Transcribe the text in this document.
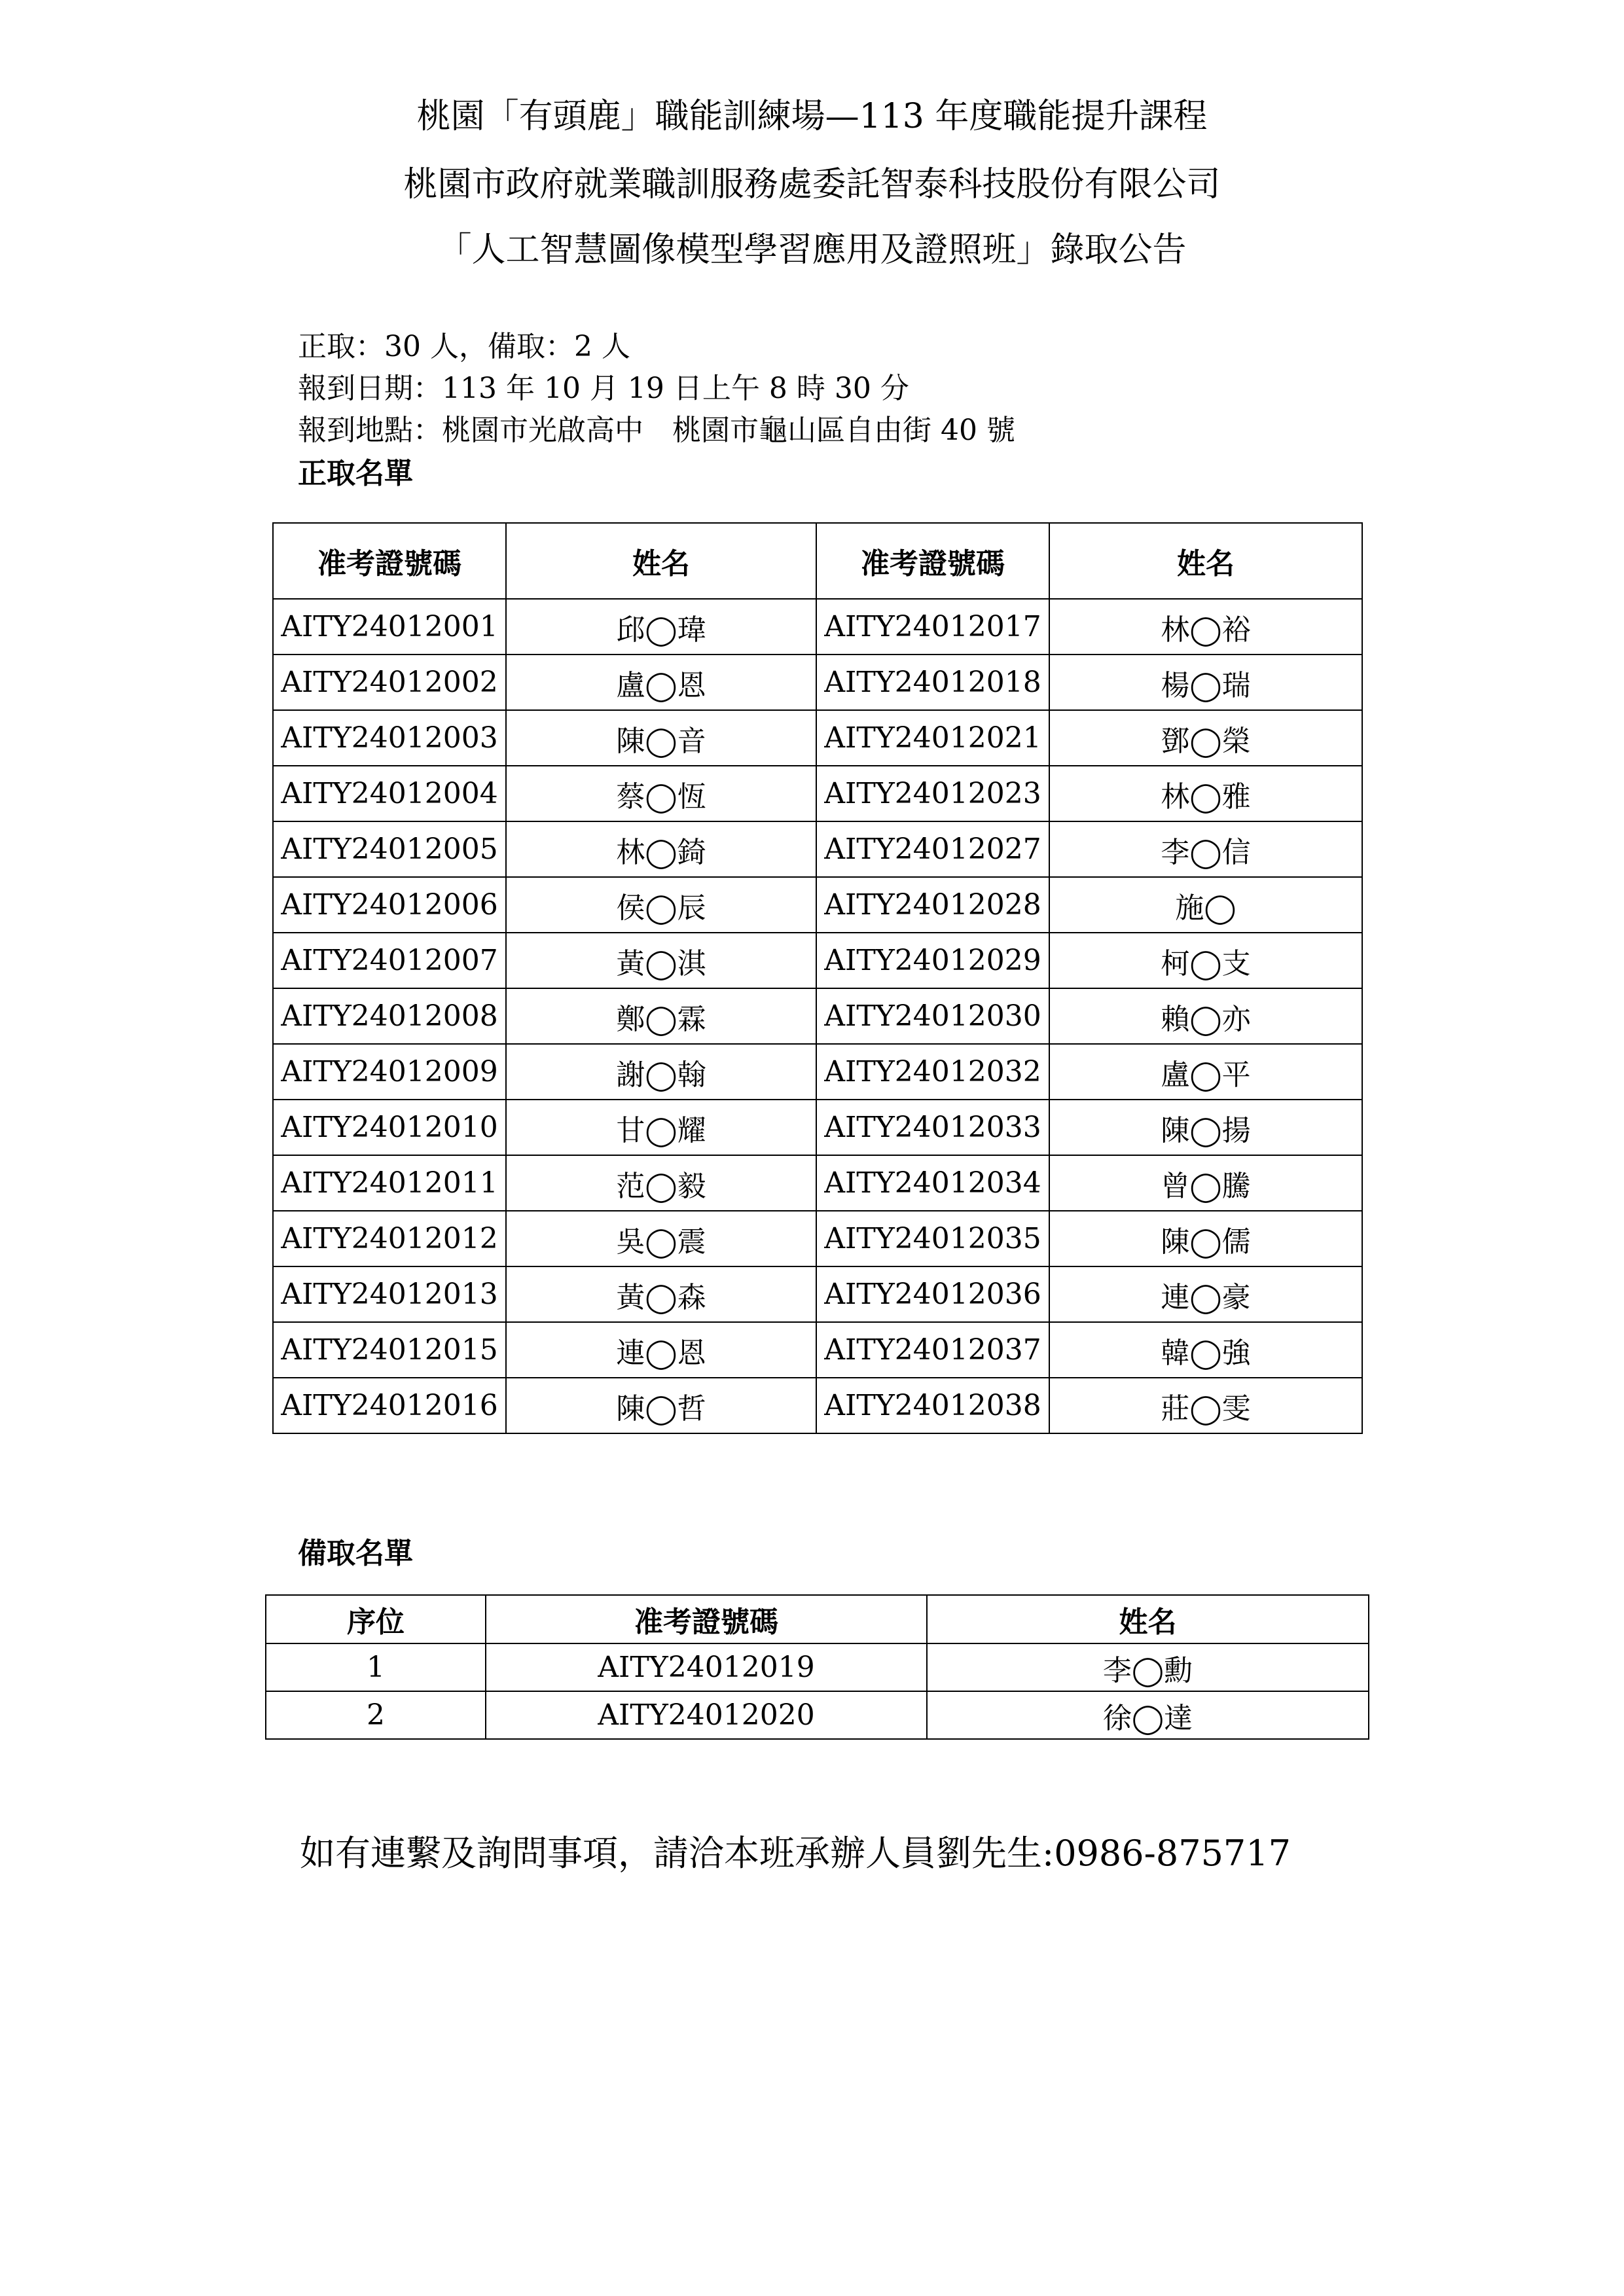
桃園「有頭鹿」職能訓練場—113 年度職能提升課程
桃園市政府就業職訓服務處委託智泰科技股份有限公司
「人工智慧圖像模型學習應用及證照班」錄取公告
正取：30 人，備取：2 人
報到日期：113 年 10 月 19 日上午 8 時 30 分
報到地點：桃園市光啟高中　桃園市龜山區自由街 40 號
正取名單
准考證號碼	姓名	准考證號碼	姓名
AITY24012001	邱◯瑋	AITY24012017	林◯裕
AITY24012002	盧◯恩	AITY24012018	楊◯瑞
AITY24012003	陳◯音	AITY24012021	鄧◯榮
AITY24012004	蔡◯恆	AITY24012023	林◯雅
AITY24012005	林◯錡	AITY24012027	李◯信
AITY24012006	侯◯辰	AITY24012028	施◯
AITY24012007	黃◯淇	AITY24012029	柯◯支
AITY24012008	鄭◯霖	AITY24012030	賴◯亦
AITY24012009	謝◯翰	AITY24012032	盧◯平
AITY24012010	甘◯耀	AITY24012033	陳◯揚
AITY24012011	范◯毅	AITY24012034	曾◯騰
AITY24012012	吳◯震	AITY24012035	陳◯儒
AITY24012013	黃◯森	AITY24012036	連◯豪
AITY24012015	連◯恩	AITY24012037	韓◯強
AITY24012016	陳◯哲	AITY24012038	莊◯雯
備取名單
序位	准考證號碼	姓名
1	AITY24012019	李◯勳
2	AITY24012020	徐◯達
如有連繫及詢問事項，請洽本班承辦人員劉先生:0986-875717
